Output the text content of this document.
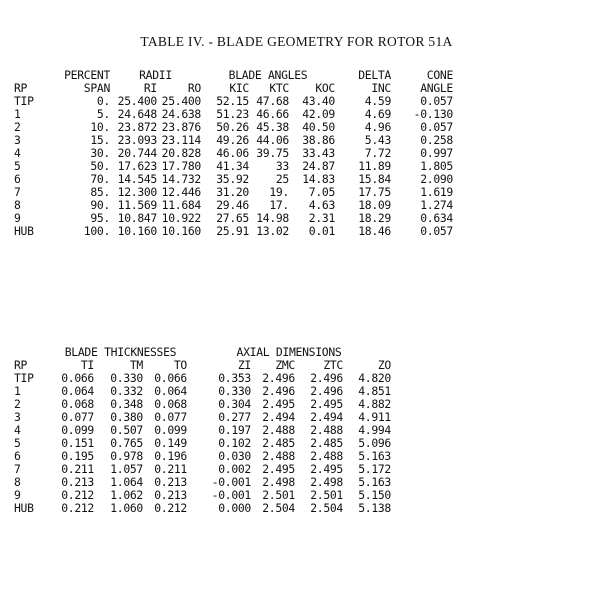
TABLE IV. - BLADE GEOMETRY FOR ROTOR 51A
	PERCENT	RADII		BLADE ANGLES			DELTA	CONE
RP	SPAN	RI	RO	KIC	KTC	KOC	INC	ANGLE
TIP	0.	25.400	25.400	52.15	47.68	43.40	4.59	0.057
1	5.	24.648	24.638	51.23	46.66	42.09	4.69	-0.130
2	10.	23.872	23.876	50.26	45.38	40.50	4.96	0.057
3	15.	23.093	23.114	49.26	44.06	38.86	5.43	0.258
4	30.	20.744	20.828	46.06	39.75	33.43	7.72	0.997
5	50.	17.623	17.780	41.34	33	24.87	11.89	1.805
6	70.	14.545	14.732	35.92	25	14.83	15.84	2.090
7	85.	12.300	12.446	31.20	19.	7.05	17.75	1.619
8	90.	11.569	11.684	29.46	17.	4.63	18.09	1.274
9	95.	10.847	10.922	27.65	14.98	2.31	18.29	0.634
HUB	100.	10.160	10.160	25.91	13.02	0.01	18.46	0.057
	BLADE THICKNESSES			AXIAL DIMENSIONS			
RP	TI	TM	TO	ZI	ZMC	ZTC	ZO
TIP	0.066	0.330	0.066	0.353	2.496	2.496	4.820
1	0.064	0.332	0.064	0.330	2.496	2.496	4.851
2	0.068	0.348	0.068	0.304	2.495	2.495	4.882
3	0.077	0.380	0.077	0.277	2.494	2.494	4.911
4	0.099	0.507	0.099	0.197	2.488	2.488	4.994
5	0.151	0.765	0.149	0.102	2.485	2.485	5.096
6	0.195	0.978	0.196	0.030	2.488	2.488	5.163
7	0.211	1.057	0.211	0.002	2.495	2.495	5.172
8	0.213	1.064	0.213	-0.001	2.498	2.498	5.163
9	0.212	1.062	0.213	-0.001	2.501	2.501	5.150
HUB	0.212	1.060	0.212	0.000	2.504	2.504	5.138
